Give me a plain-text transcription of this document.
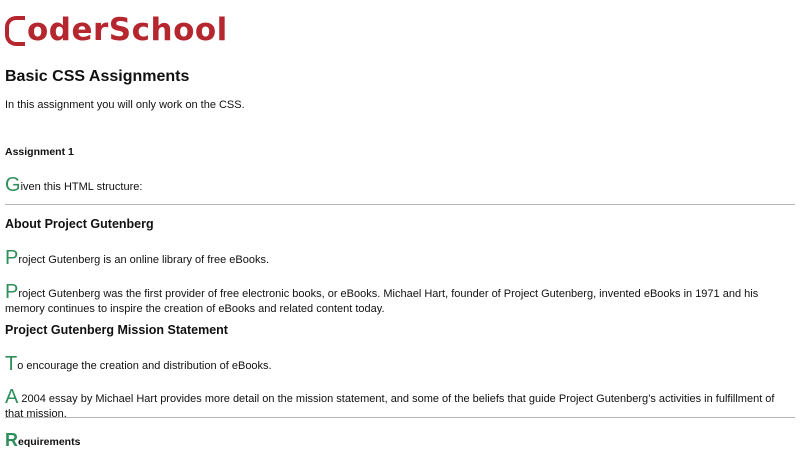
oderSchool
Basic CSS Assignments

In this assignment you will only work on the CSS.

Assignment 1

Given this HTML structure:

About Project Gutenberg

Project Gutenberg is an online library of free eBooks.

Project Gutenberg was the first provider of free electronic books, or eBooks. Michael Hart, founder of Project Gutenberg, invented eBooks in 1971 and his memory continues to inspire the creation of eBooks and related content today.

Project Gutenberg Mission Statement

To encourage the creation and distribution of eBooks.

A 2004 essay by Michael Hart provides more detail on the mission statement, and some of the beliefs that guide Project Gutenberg’s activities in fulfillment of that mission.

Requirements
